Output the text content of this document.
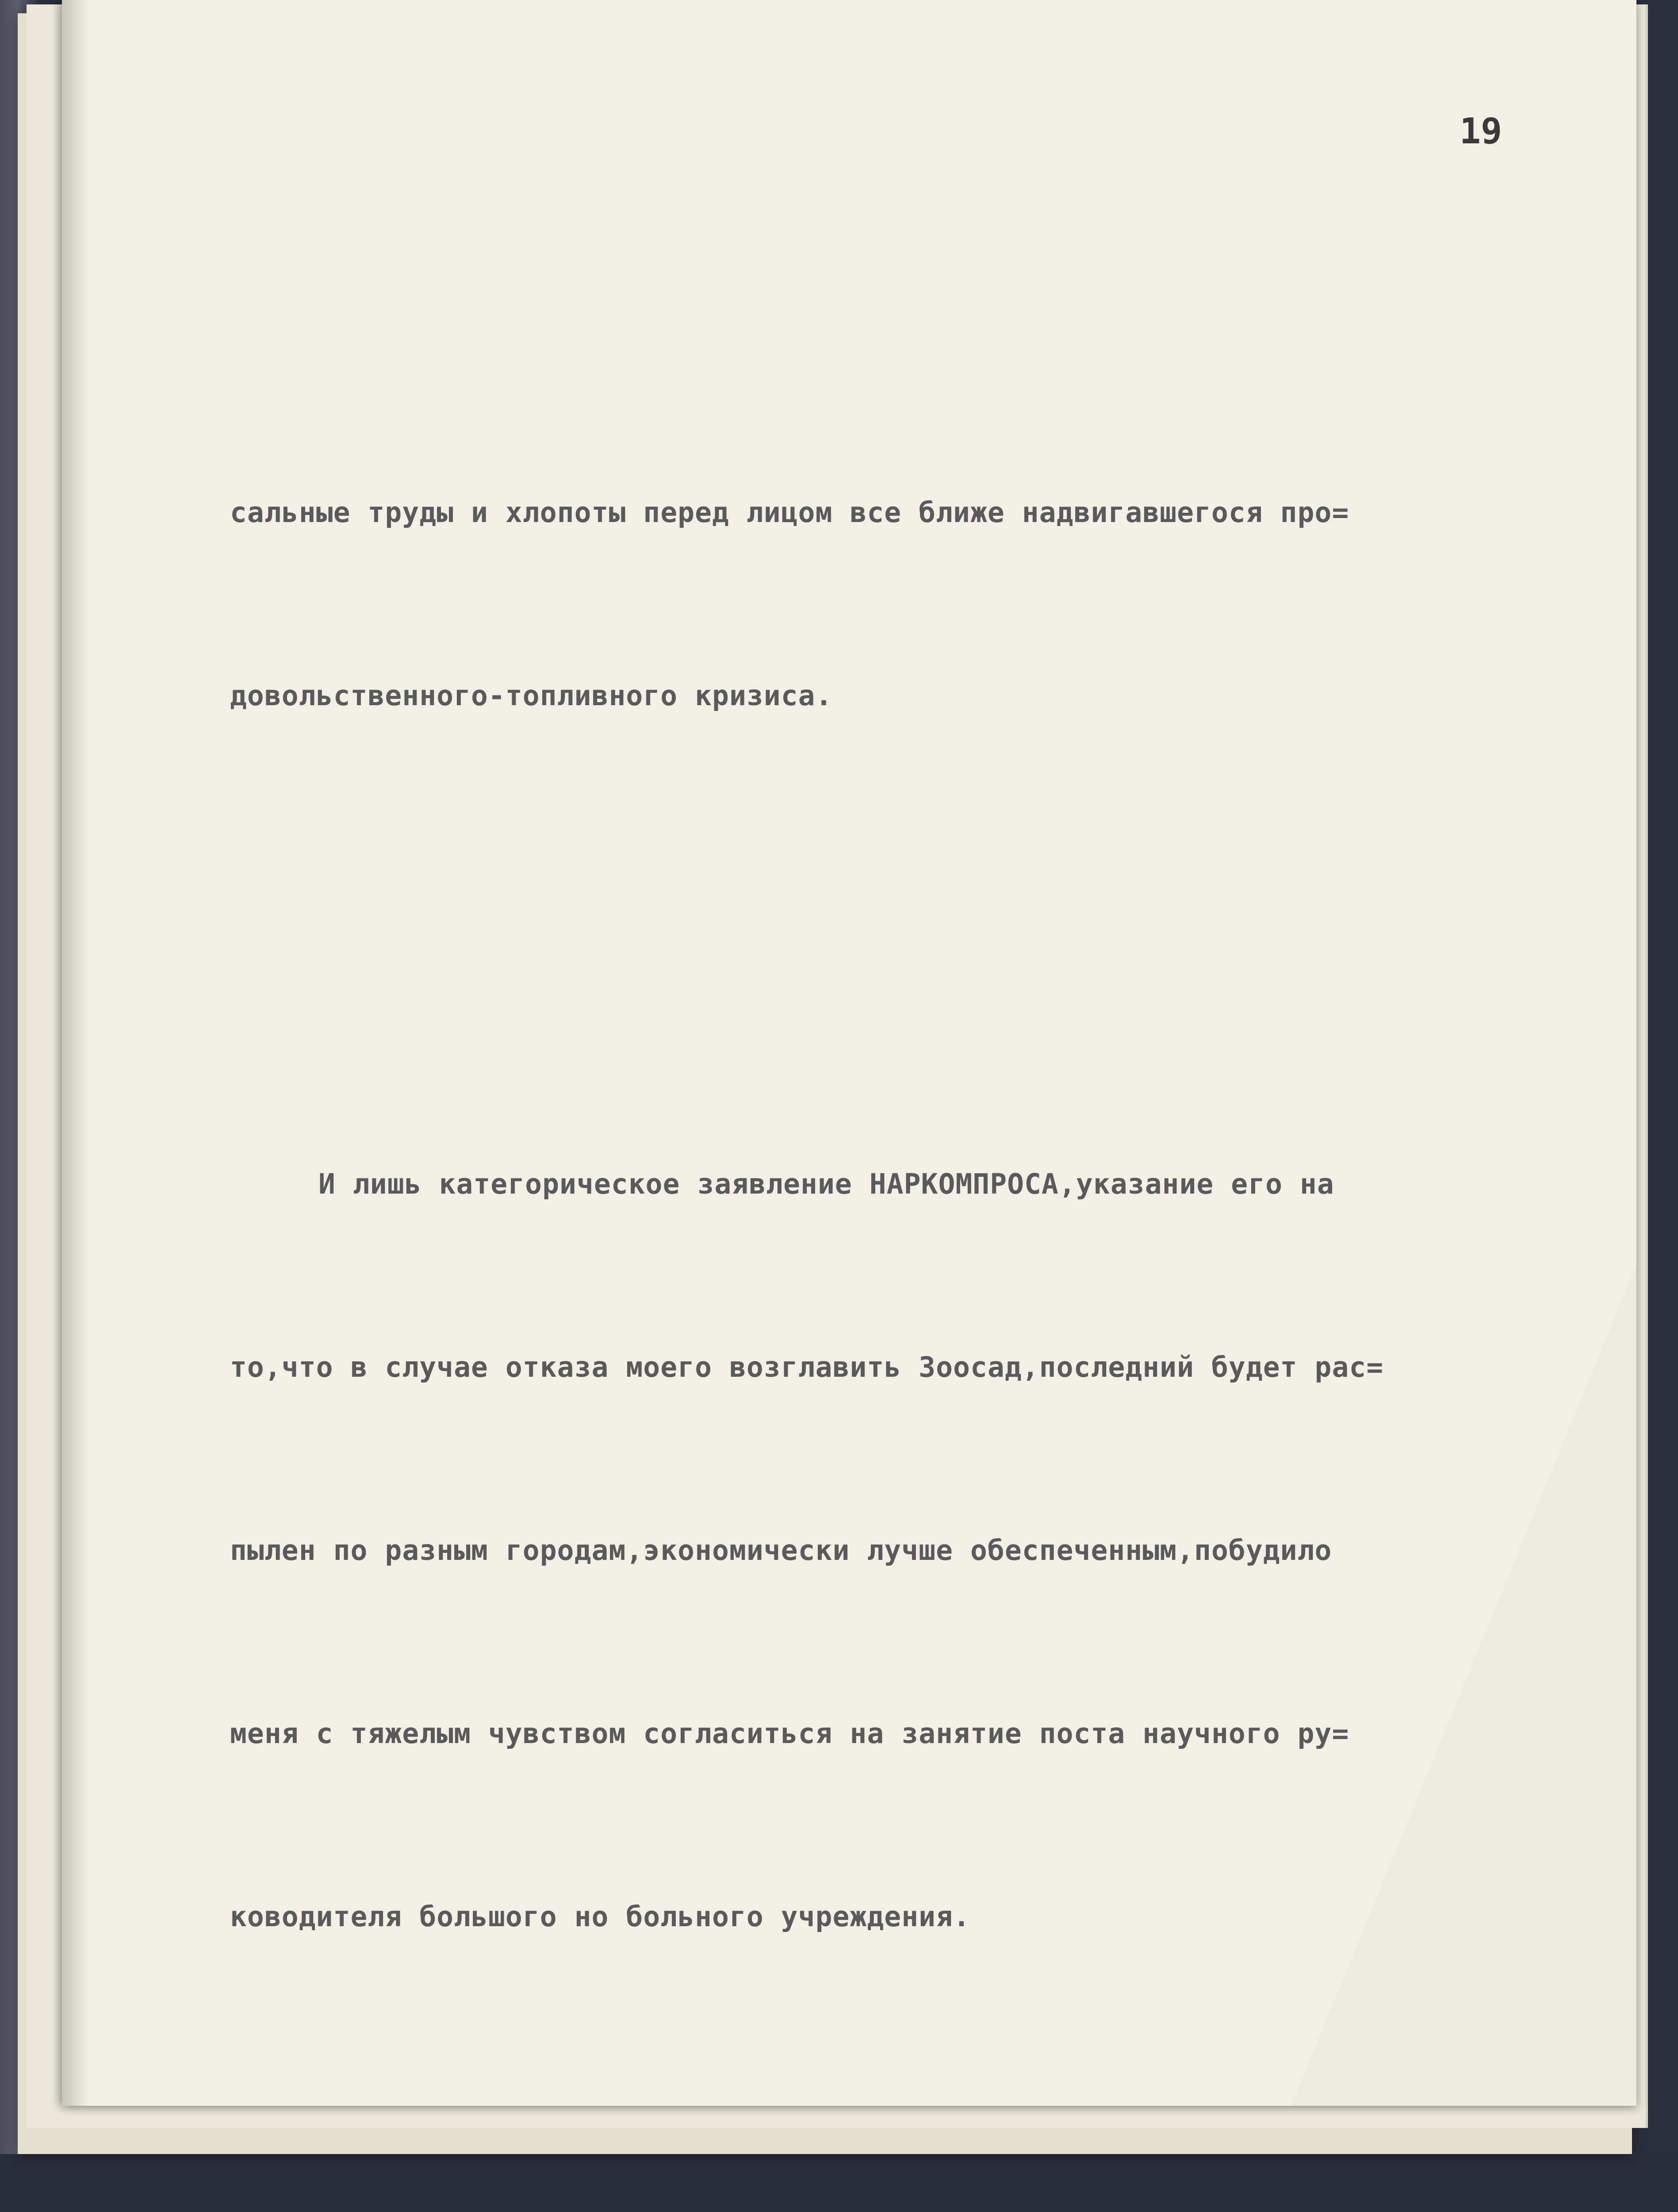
19

сальные труды и хлопоты перед лицом все ближе надвигавшегося про=

довольственного-топливного кризиса.

И лишь категорическое заявление НАРКОМПРОСА,указание его на

то,что в случае отказа моего возглавить Зоосад,последний будет рас=

пылен по разным городам,экономически лучше обеспеченным,побудило

меня с тяжелым чувством согласиться на занятие поста научного ру=

ководителя большого но больного учреждения.
